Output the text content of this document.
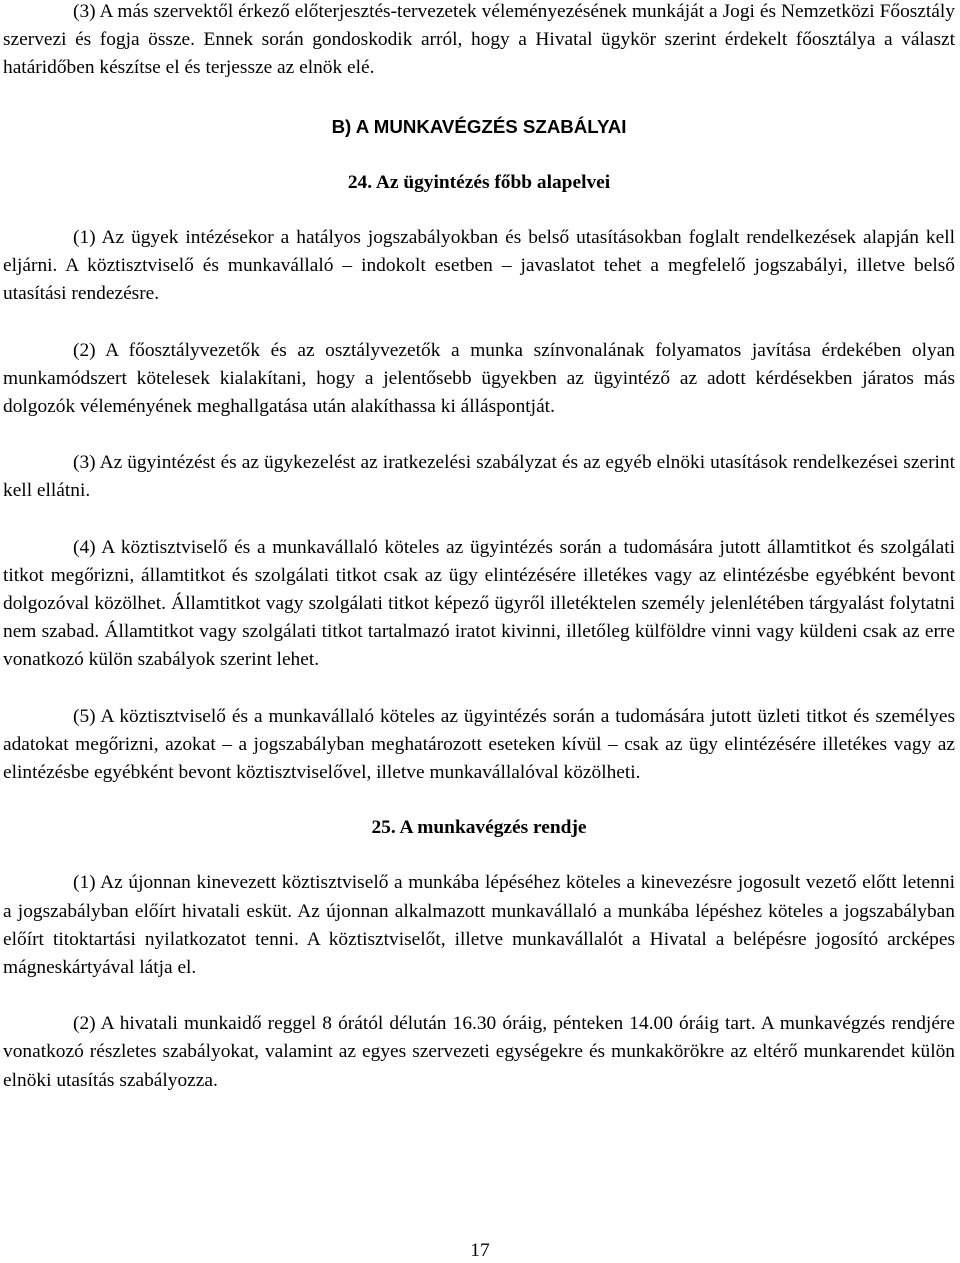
(3) A más szervektől érkező előterjesztés-tervezetek véleményezésének munkáját a Jogi és Nemzetközi Főosztály szervezi és fogja össze. Ennek során gondoskodik arról, hogy a Hivatal ügykör szerint érdekelt főosztálya a választ határidőben készítse el és terjessze az elnök elé.

B) A MUNKAVÉGZÉS SZABÁLYAI

24. Az ügyintézés főbb alapelvei

(1) Az ügyek intézésekor a hatályos jogszabályokban és belső utasításokban foglalt rendelkezések alapján kell eljárni. A köztisztviselő és munkavállaló – indokolt esetben – javaslatot tehet a megfelelő jogszabályi, illetve belső utasítási rendezésre.

(2) A főosztályvezetők és az osztályvezetők a munka színvonalának folyamatos javítása érdekében olyan munkamódszert kötelesek kialakítani, hogy a jelentősebb ügyekben az ügyintéző az adott kérdésekben járatos más dolgozók véleményének meghallgatása után alakíthassa ki álláspontját.

(3) Az ügyintézést és az ügykezelést az iratkezelési szabályzat és az egyéb elnöki utasítások rendelkezései szerint kell ellátni.

(4) A köztisztviselő és a munkavállaló köteles az ügyintézés során a tudomására jutott államtitkot és szolgálati titkot megőrizni, államtitkot és szolgálati titkot csak az ügy elintézésére illetékes vagy az elintézésbe egyébként bevont dolgozóval közölhet. Államtitkot vagy szolgálati titkot képező ügyről illetéktelen személy jelenlétében tárgyalást folytatni nem szabad. Államtitkot vagy szolgálati titkot tartalmazó iratot kivinni, illetőleg külföldre vinni vagy küldeni csak az erre vonatkozó külön szabályok szerint lehet.

(5) A köztisztviselő és a munkavállaló köteles az ügyintézés során a tudomására jutott üzleti titkot és személyes adatokat megőrizni, azokat – a jogszabályban meghatározott eseteken kívül – csak az ügy elintézésére illetékes vagy az elintézésbe egyébként bevont köztisztviselővel, illetve munkavállalóval közölheti.

25. A munkavégzés rendje

(1) Az újonnan kinevezett köztisztviselő a munkába lépéséhez köteles a kinevezésre jogosult vezető előtt letenni a jogszabályban előírt hivatali esküt. Az újonnan alkalmazott munkavállaló a munkába lépéshez köteles a jogszabályban előírt titoktartási nyilatkozatot tenni. A köztisztviselőt, illetve munkavállalót a Hivatal a belépésre jogosító arcképes mágneskártyával látja el.

(2) A hivatali munkaidő reggel 8 órától délután 16.30 óráig, pénteken 14.00 óráig tart. A munkavégzés rendjére vonatkozó részletes szabályokat, valamint az egyes szervezeti egységekre és munkakörökre az eltérő munkarendet külön elnöki utasítás szabályozza.

17
